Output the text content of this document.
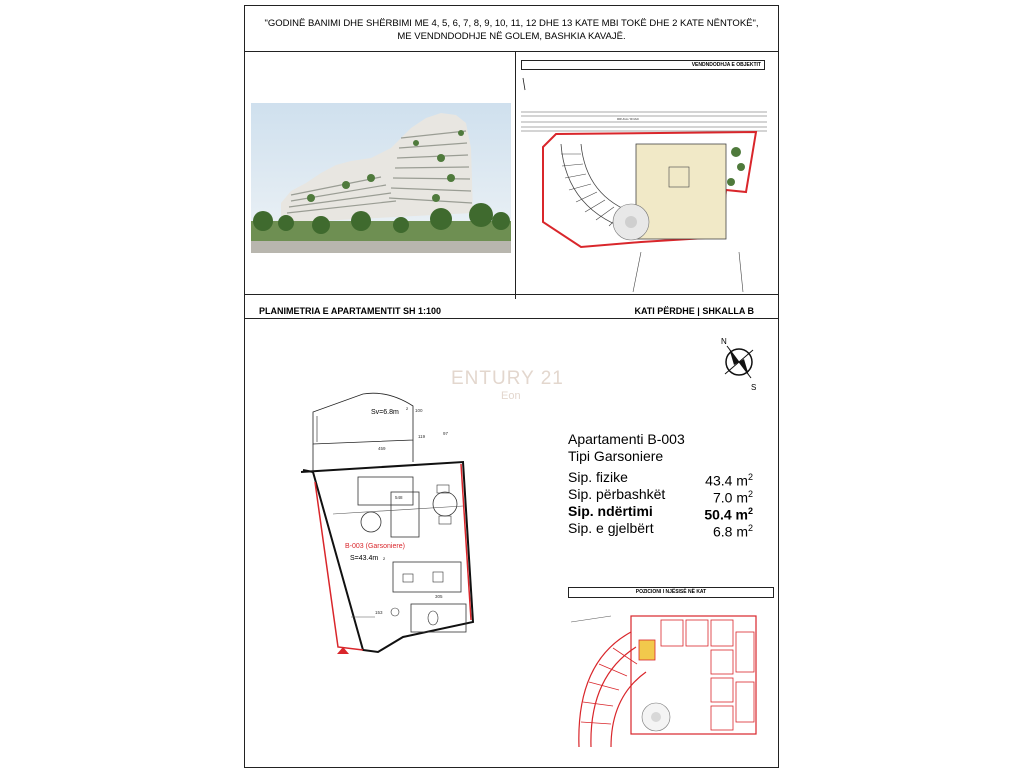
"GODINË BANIMI DHE SHËRBIMI ME 4, 5, 6, 7, 8, 9, 10, 11, 12 DHE 13 KATE MBI TOKË DHE 2 KATE NËNTOKË",
ME VENDNDODHJE NË GOLEM, BASHKIA KAVAJË.
VENDNDODHJA E OBJEKTIT
RRUGA / ROAD
PLANIMETRIA E APARTAMENTIT SH 1:100	KATI PËRDHE | SHKALLA B
ENTURY 21
Eon
N
S
Sv=6.8m
2
B-003 (Garsoniere)
S=43.4m 2
459
548
97
119
100
153
305
Apartamenti B-003
Tipi Garsoniere
Sip. fizike	43.4 $m^2$
Sip. përbashkët	7.0 $m^2$
Sip. ndërtimi	50.4 $m^2$
Sip. e gjelbërt	6.8 $m^2$
POZICIONI I NJËSISË NË KAT
